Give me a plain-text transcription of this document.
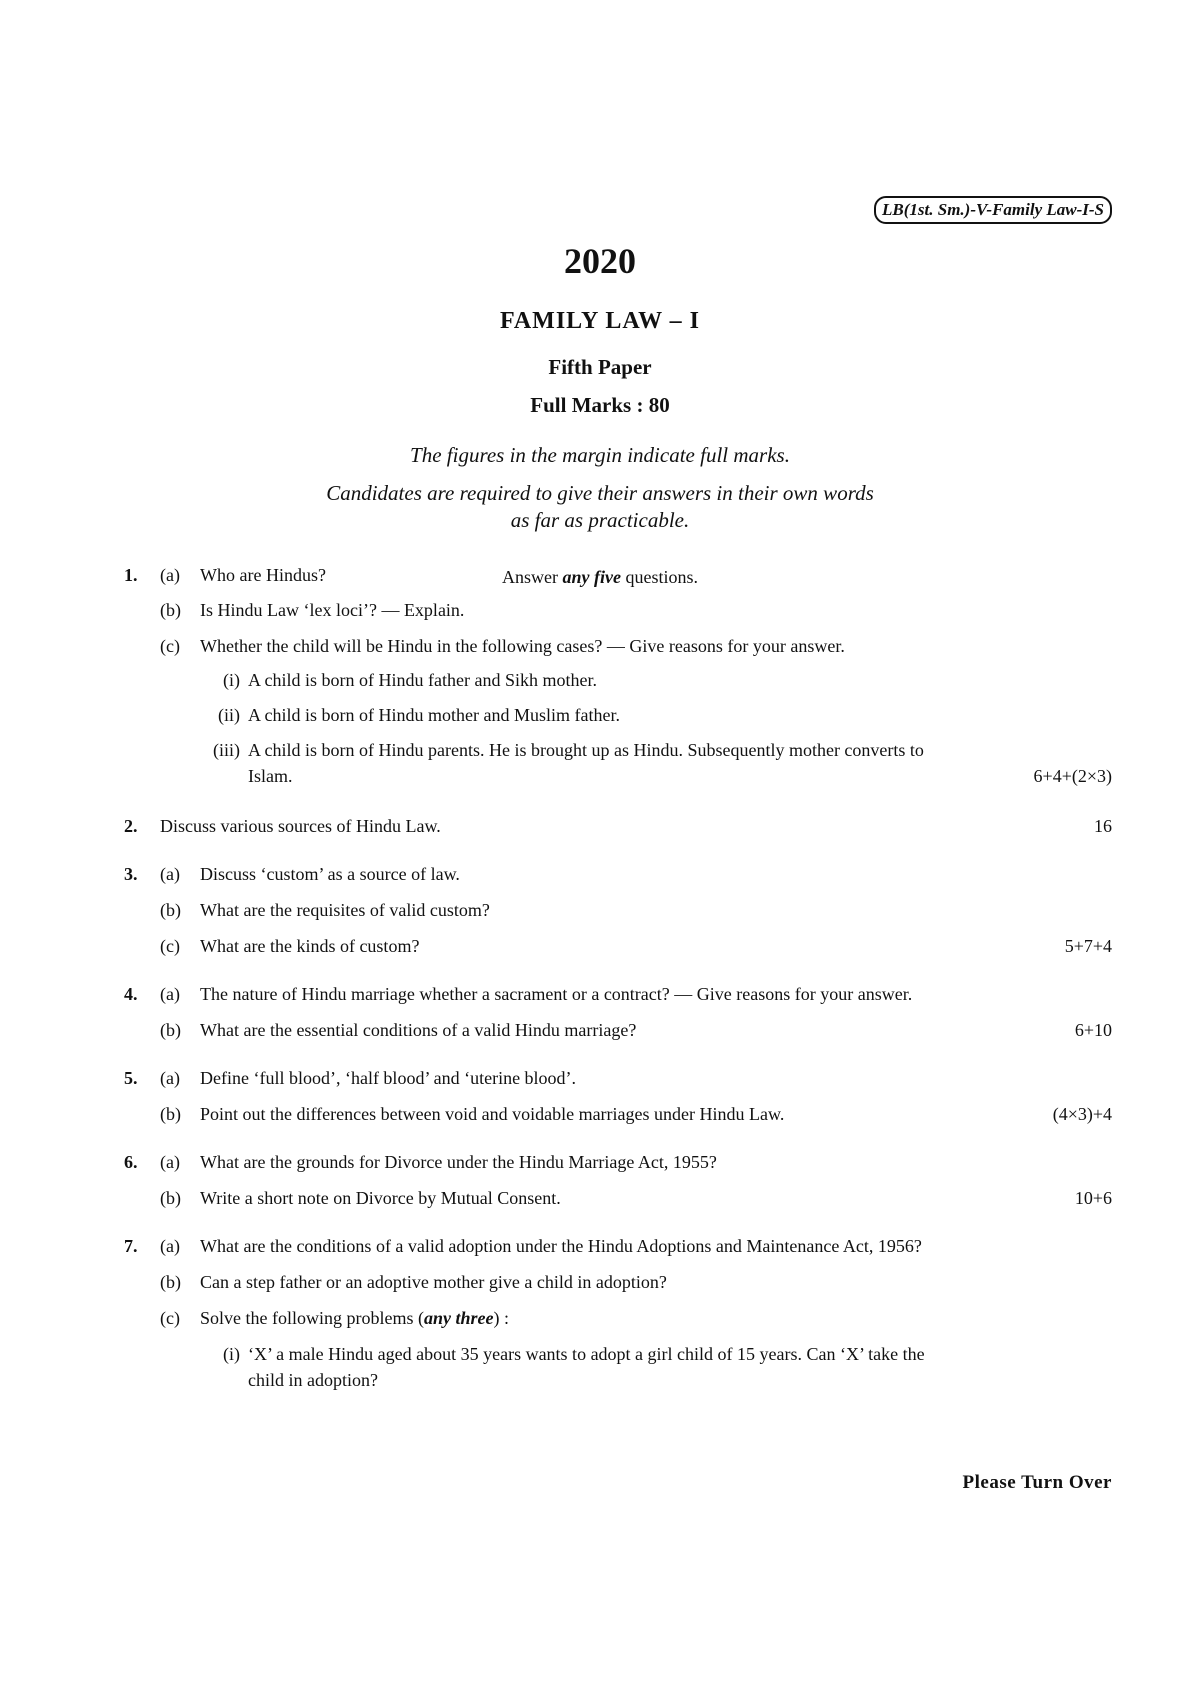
LB(1st. Sm.)-V-Family Law-I-S
2020
FAMILY LAW – I
Fifth Paper
Full Marks : 80
The figures in the margin indicate full marks.
Candidates are required to give their answers in their own words
as far as practicable.
Answer any five questions.
1. (a) Who are Hindus?
(b) Is Hindu Law ‘lex loci’? — Explain.
(c) Whether the child will be Hindu in the following cases? — Give reasons for your answer.
(i) A child is born of Hindu father and Sikh mother.
(ii) A child is born of Hindu mother and Muslim father.
(iii) A child is born of Hindu parents. He is brought up as Hindu. Subsequently mother converts to
Islam.	6+4+(2×3)
2. Discuss various sources of Hindu Law.	16
3. (a) Discuss ‘custom’ as a source of law.
(b) What are the requisites of valid custom?
(c) What are the kinds of custom?	5+7+4
4. (a) The nature of Hindu marriage whether a sacrament or a contract? — Give reasons for your answer.
(b) What are the essential conditions of a valid Hindu marriage?	6+10
5. (a) Define ‘full blood’, ‘half blood’ and ‘uterine blood’.
(b) Point out the differences between void and voidable marriages under Hindu Law.	(4×3)+4
6. (a) What are the grounds for Divorce under the Hindu Marriage Act, 1955?
(b) Write a short note on Divorce by Mutual Consent.	10+6
7. (a) What are the conditions of a valid adoption under the Hindu Adoptions and Maintenance Act, 1956?
(b) Can a step father or an adoptive mother give a child in adoption?
(c) Solve the following problems (any three) :
(i) ‘X’ a male Hindu aged about 35 years wants to adopt a girl child of 15 years. Can ‘X’ take the
child in adoption?
Please Turn Over
